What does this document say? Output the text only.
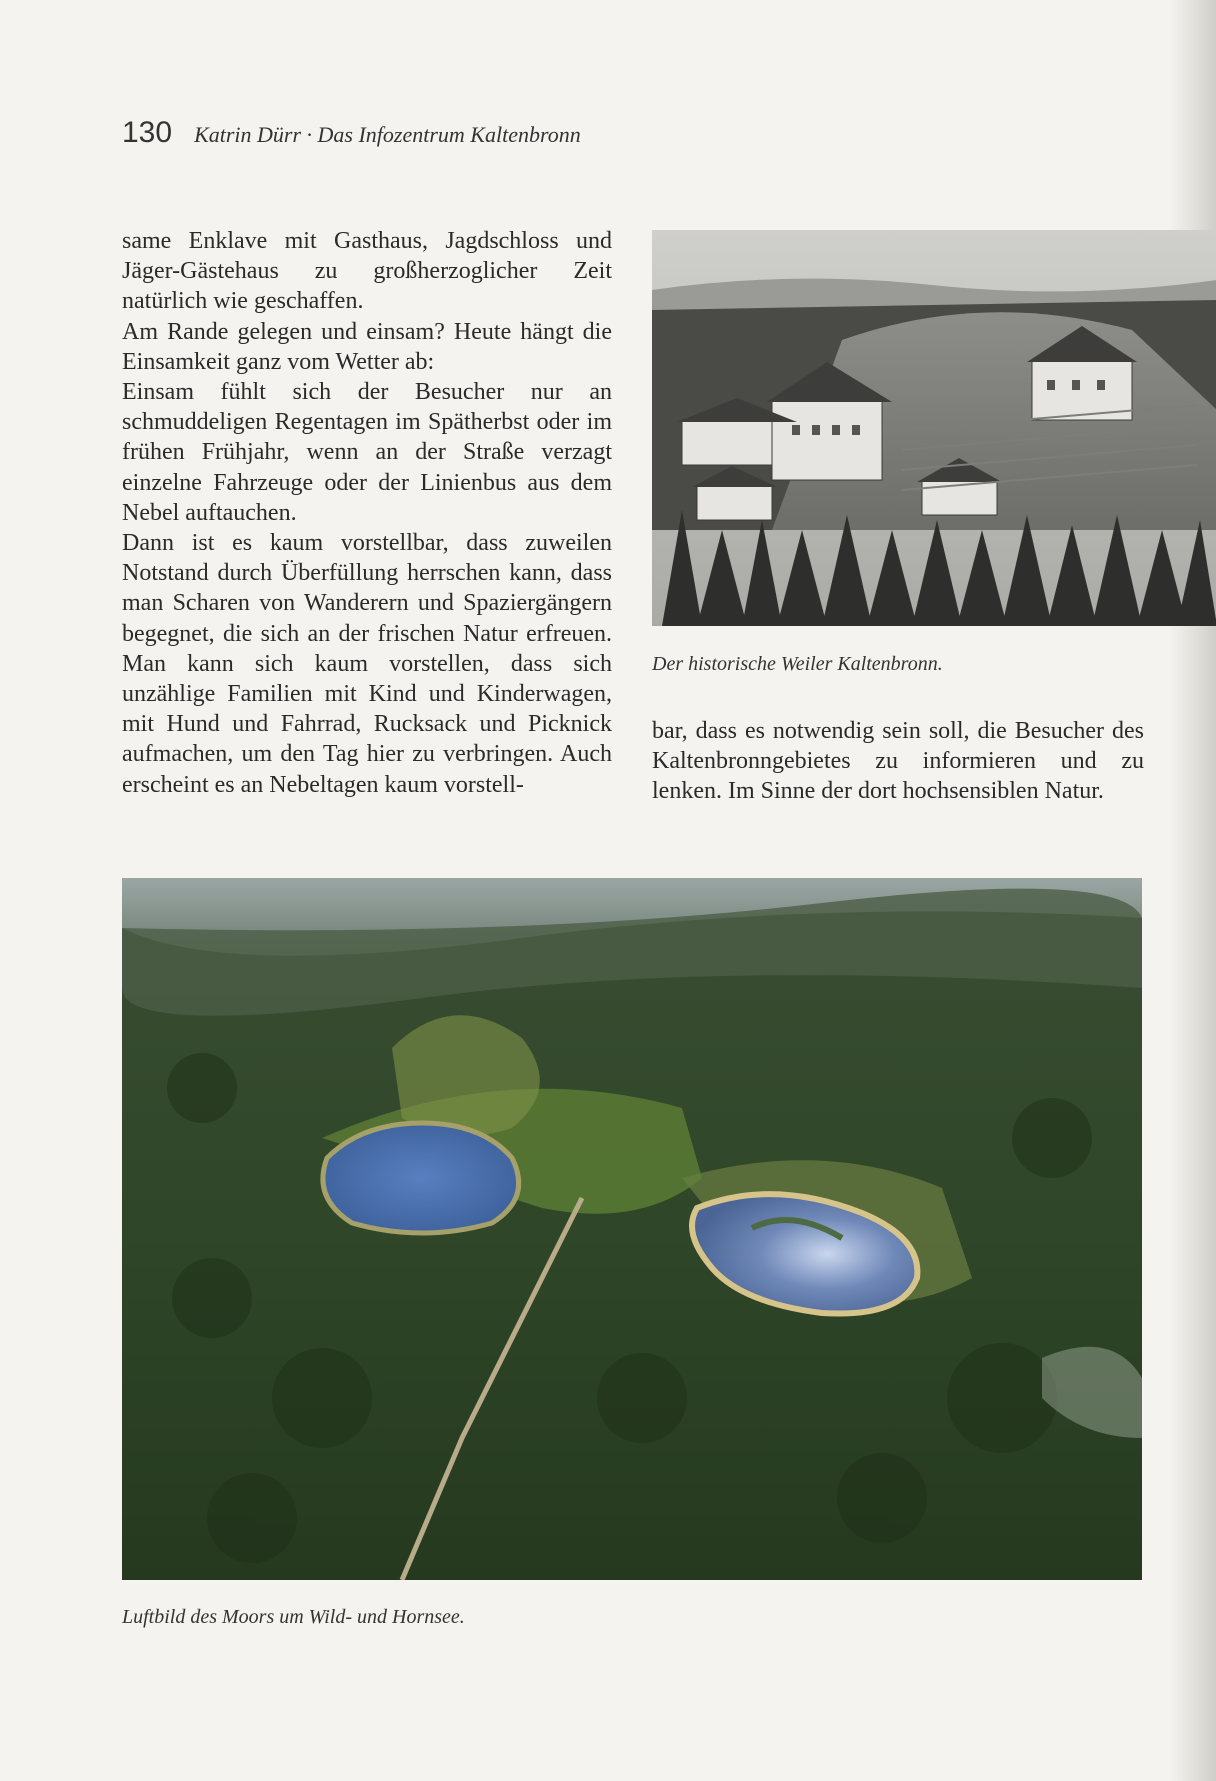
130 Katrin Dürr · Das Infozentrum Kaltenbronn

same Enklave mit Gasthaus, Jagdschloss und Jäger-Gästehaus zu großherzoglicher Zeit natürlich wie geschaffen.

Am Rande gelegen und einsam? Heute hängt die Einsamkeit ganz vom Wetter ab:

Einsam fühlt sich der Besucher nur an schmuddeligen Regentagen im Spätherbst oder im frühen Frühjahr, wenn an der Straße verzagt einzelne Fahrzeuge oder der Linienbus aus dem Nebel auftauchen.

Dann ist es kaum vorstellbar, dass zuweilen Notstand durch Überfüllung herrschen kann, dass man Scharen von Wanderern und Spaziergängern begegnet, die sich an der frischen Natur erfreuen. Man kann sich kaum vorstellen, dass sich unzählige Familien mit Kind und Kinderwagen, mit Hund und Fahrrad, Rucksack und Picknick aufmachen, um den Tag hier zu verbringen. Auch erscheint es an Nebeltagen kaum vorstell-

Der historische Weiler Kaltenbronn.

bar, dass es notwendig sein soll, die Besucher des Kaltenbronngebietes zu informieren und zu lenken. Im Sinne der dort hochsensiblen Natur.

Luftbild des Moors um Wild- und Hornsee.
